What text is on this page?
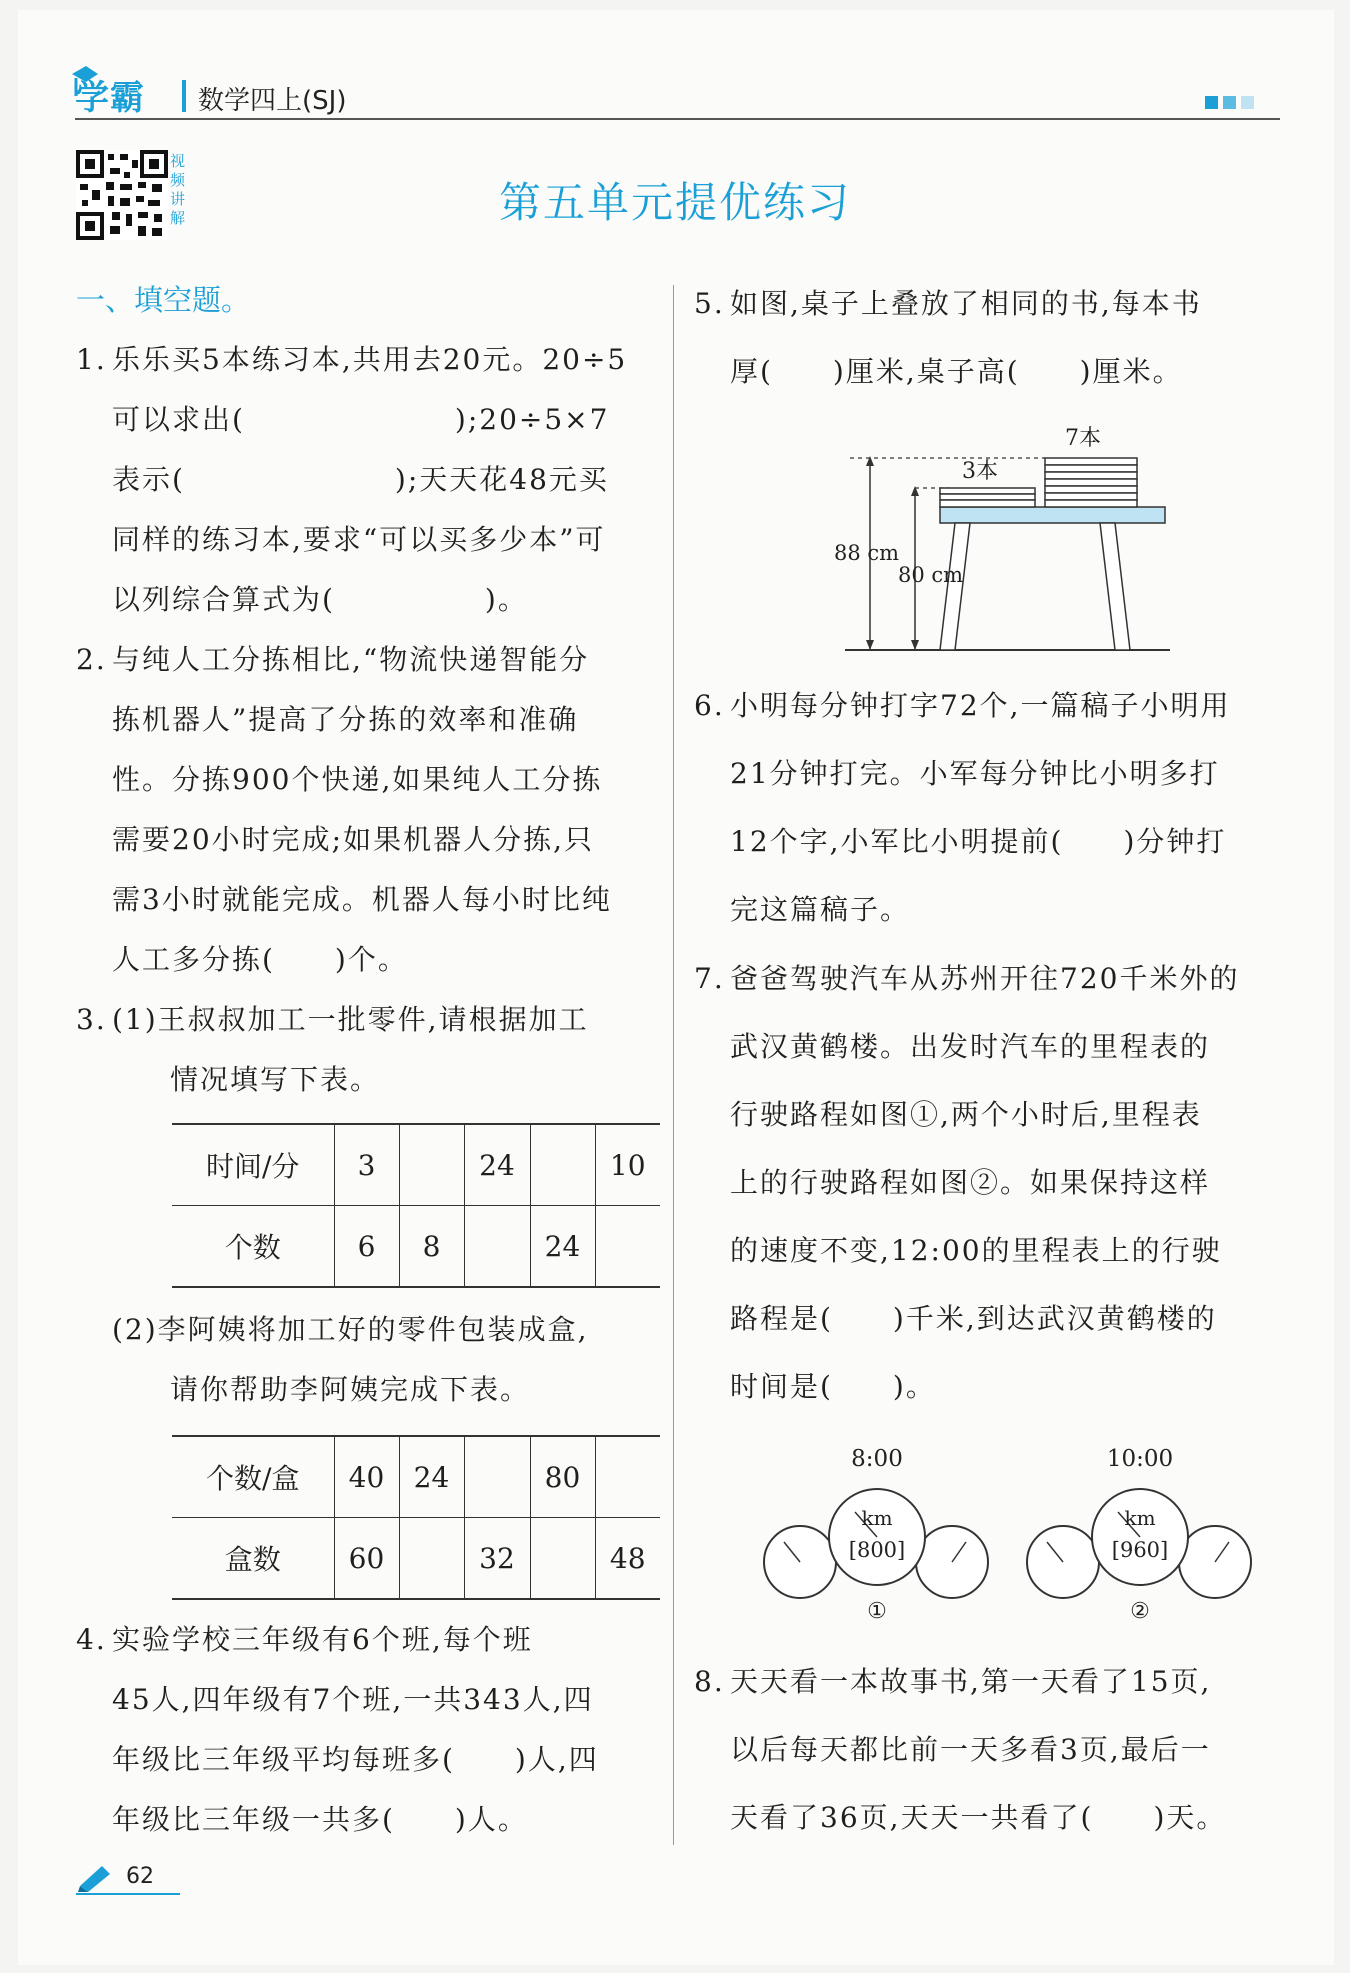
学霸 数学四上(SJ)
视频讲解	第五单元提优练习
一、填空题。
1. 乐乐买5本练习本,共用去20元。20÷5
可以求出(　　　　　　　);20÷5×7
表示(　　　　　　　);天天花48元买
同样的练习本,要求“可以买多少本”可
以列综合算式为(　　　　　)。
2. 与纯人工分拣相比,“物流快递智能分
拣机器人”提高了分拣的效率和准确
性。分拣900个快递,如果纯人工分拣
需要20小时完成;如果机器人分拣,只
需3小时就能完成。机器人每小时比纯
人工多分拣(　　)个。
3. (1)王叔叔加工一批零件,请根据加工
情况填写下表。
时间/分	3		24		10
个数	6	8		24	
(2)李阿姨将加工好的零件包装成盒,
请你帮助李阿姨完成下表。
个数/盒	40	24		80	
盒数	60		32		48
4. 实验学校三年级有6个班,每个班
45人,四年级有7个班,一共343人,四
年级比三年级平均每班多(　　)人,四
年级比三年级一共多(　　)人。
5. 如图,桌子上叠放了相同的书,每本书
厚(　　)厘米,桌子高(　　)厘米。
7本
3本
88 cm
80 cm
6. 小明每分钟打字72个,一篇稿子小明用
21分钟打完。小军每分钟比小明多打
12个字,小军比小明提前(　　)分钟打
完这篇稿子。
7. 爸爸驾驶汽车从苏州开往720千米外的
武汉黄鹤楼。出发时汽车的里程表的
行驶路程如图①,两个小时后,里程表
上的行驶路程如图②。如果保持这样
的速度不变,12:00的里程表上的行驶
路程是(　　)千米,到达武汉黄鹤楼的
时间是(　　)。
8:00
km
[800]
①
10:00
km
[960]
②
8. 天天看一本故事书,第一天看了15页,
以后每天都比前一天多看3页,最后一
天看了36页,天天一共看了(　　)天。
62
